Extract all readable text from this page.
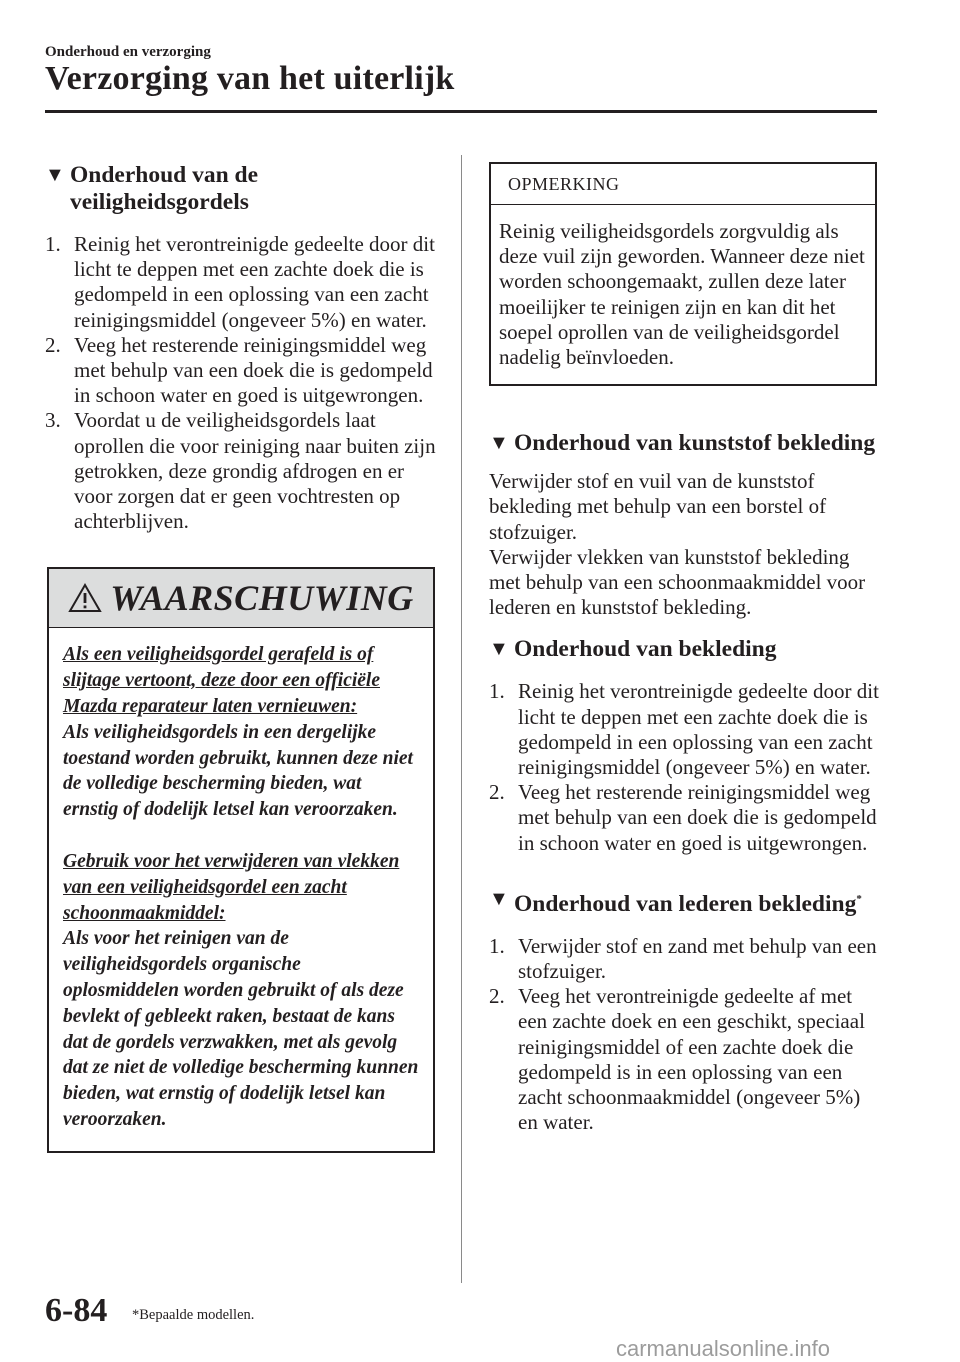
Onderhoud en verzorging
Verzorging van het uiterlijk
▼ Onderhoud van de veiligheidsgordels
1. Reinig het verontreinigde gedeelte door dit licht te deppen met een zachte doek die is gedompeld in een oplossing van een zacht reinigingsmiddel (ongeveer 5%) en water.
2. Veeg het resterende reinigingsmiddel weg met behulp van een doek die is gedompeld in schoon water en goed is uitgewrongen.
3. Voordat u de veiligheidsgordels laat oprollen die voor reiniging naar buiten zijn getrokken, deze grondig afdrogen en er voor zorgen dat er geen vochtresten op achterblijven.
WAARSCHUWING
Als een veiligheidsgordel gerafeld is of slijtage vertoont, deze door een officiële Mazda reparateur laten vernieuwen:
Als veiligheidsgordels in een dergelijke toestand worden gebruikt, kunnen deze niet de volledige bescherming bieden, wat ernstig of dodelijk letsel kan veroorzaken.
Gebruik voor het verwijderen van vlekken van een veiligheidsgordel een zacht schoonmaakmiddel:
Als voor het reinigen van de veiligheidsgordels organische oplosmiddelen worden gebruikt of als deze bevlekt of gebleekt raken, bestaat de kans dat de gordels verzwakken, met als gevolg dat ze niet de volledige bescherming kunnen bieden, wat ernstig of dodelijk letsel kan veroorzaken.
OPMERKING
Reinig veiligheidsgordels zorgvuldig als deze vuil zijn geworden. Wanneer deze niet worden schoongemaakt, zullen deze later moeilijker te reinigen zijn en kan dit het soepel oprollen van de veiligheidsgordel nadelig beïnvloeden.
▼ Onderhoud van kunststof bekleding
Verwijder stof en vuil van de kunststof bekleding met behulp van een borstel of stofzuiger.
Verwijder vlekken van kunststof bekleding met behulp van een schoonmaakmiddel voor lederen en kunststof bekleding.
▼ Onderhoud van bekleding
1. Reinig het verontreinigde gedeelte door dit licht te deppen met een zachte doek die is gedompeld in een oplossing van een zacht reinigingsmiddel (ongeveer 5%) en water.
2. Veeg het resterende reinigingsmiddel weg met behulp van een doek die is gedompeld in schoon water en goed is uitgewrongen.
▼ Onderhoud van lederen bekleding*
1. Verwijder stof en zand met behulp van een stofzuiger.
2. Veeg het verontreinigde gedeelte af met een zachte doek en een geschikt, speciaal reinigingsmiddel of een zachte doek die gedompeld is in een oplossing van een zacht schoonmaakmiddel (ongeveer 5%) en water.
6-84 *Bepaalde modellen.
carmanualsonline.info
